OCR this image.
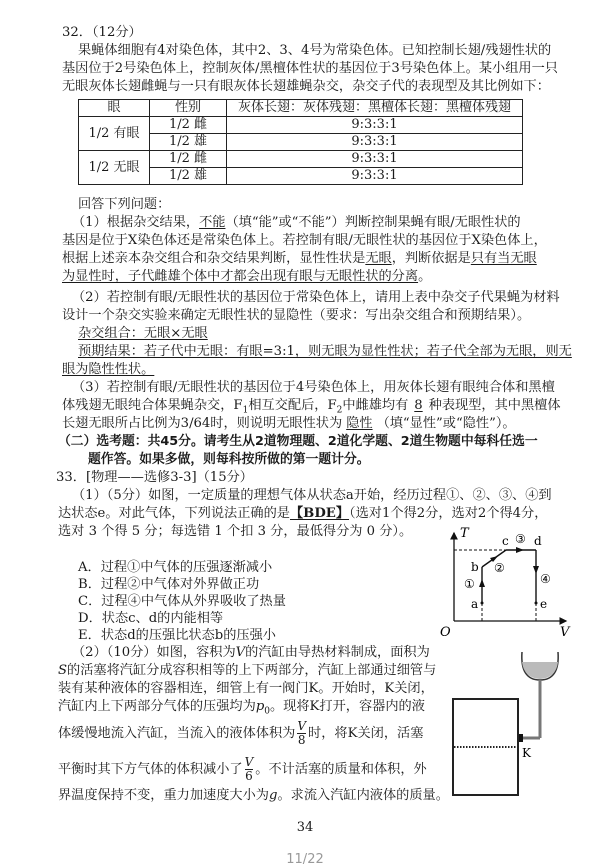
32．（12分）
果蝇体细胞有4对染色体，其中2、3、4号为常染色体。已知控制长翅/残翅性状的
基因位于2号染色体上，控制灰体/黑檀体性状的基因位于3号染色体上。某小组用一只
无眼灰体长翅雌蝇与一只有眼灰体长翅雄蝇杂交，杂交子代的表现型及其比例如下：
眼	性别	灰体长翅：灰体残翅：黑檀体长翅：黑檀体残翅
1/2 有眼	1/2 雌	9:3:3:1
	1/2 雄	9:3:3:1
1/2 无眼	1/2 雌	9:3:3:1
	1/2 雄	9:3:3:1
回答下列问题：
（1）根据杂交结果，不能（填“能”或“不能”）判断控制果蝇有眼/无眼性状的
基因是位于X染色体还是常染色体上。若控制有眼/无眼性状的基因位于X染色体上，
根据上述亲本杂交组合和杂交结果判断，显性性状是无眼，判断依据是只有当无眼
为显性时，子代雌雄个体中才都会出现有眼与无眼性状的分离。
（2）若控制有眼/无眼性状的基因位于常染色体上，请用上表中杂交子代果蝇为材料
设计一个杂交实验来确定无眼性状的显隐性（要求：写出杂交组合和预期结果）。
杂交组合：无眼×无眼
预期结果：若子代中无眼：有眼=3:1，则无眼为显性性状；若子代全部为无眼，则无
眼为隐性性状。
（3）若控制有眼/无眼性状的基因位于4号染色体上，用灰体长翅有眼纯合体和黑檀
体残翅无眼纯合体果蝇杂交，$F_1$相互交配后，$F_2$中雌雄均有 8 种表现型，其中黑檀体
长翅无眼所占比例为3/64时，则说明无眼性状为 隐性 （填“显性”或“隐性”）。
（二）选考题：共45分。请考生从2道物理题、2道化学题、2道生物题中每科任选一
题作答。如果多做，则每科按所做的第一题计分。
33．[物理——选修3-3]（15分）
（1）（5分）如图，一定质量的理想气体从状态a开始，经历过程①、②、③、④到
达状态e。对此气体，下列说法正确的是【BDE】（选对1个得2分，选对2个得4分，
选对 3 个得 5 分；每选错 1 个扣 3 分，最低得分为 0 分）。
A．过程①中气体的压强逐渐减小
B．过程②中气体对外界做正功
C．过程④中气体从外界吸收了热量
D．状态c、d的内能相等
E．状态d的压强比状态b的压强小
T
V
O
a
b
c d
e
①
②
③
④
（2）（10分）如图，容积为V的汽缸由导热材料制成，面积为
S的活塞将汽缸分成容积相等的上下两部分，汽缸上部通过细管与
装有某种液体的容器相连，细管上有一阀门K。开始时，K关闭，
汽缸内上下两部分气体的压强均为$p_0$。现将K打开，容器内的液
体缓慢地流入汽缸，当流入的液体体积为 $\frac{V}{8}$ 时，将K关闭，活塞
平衡时其下方气体的体积减小了 $\frac{V}{6}$ 。不计活塞的质量和体积，外
界温度保持不变，重力加速度大小为g。求流入汽缸内液体的质量。
K
34
11/22
